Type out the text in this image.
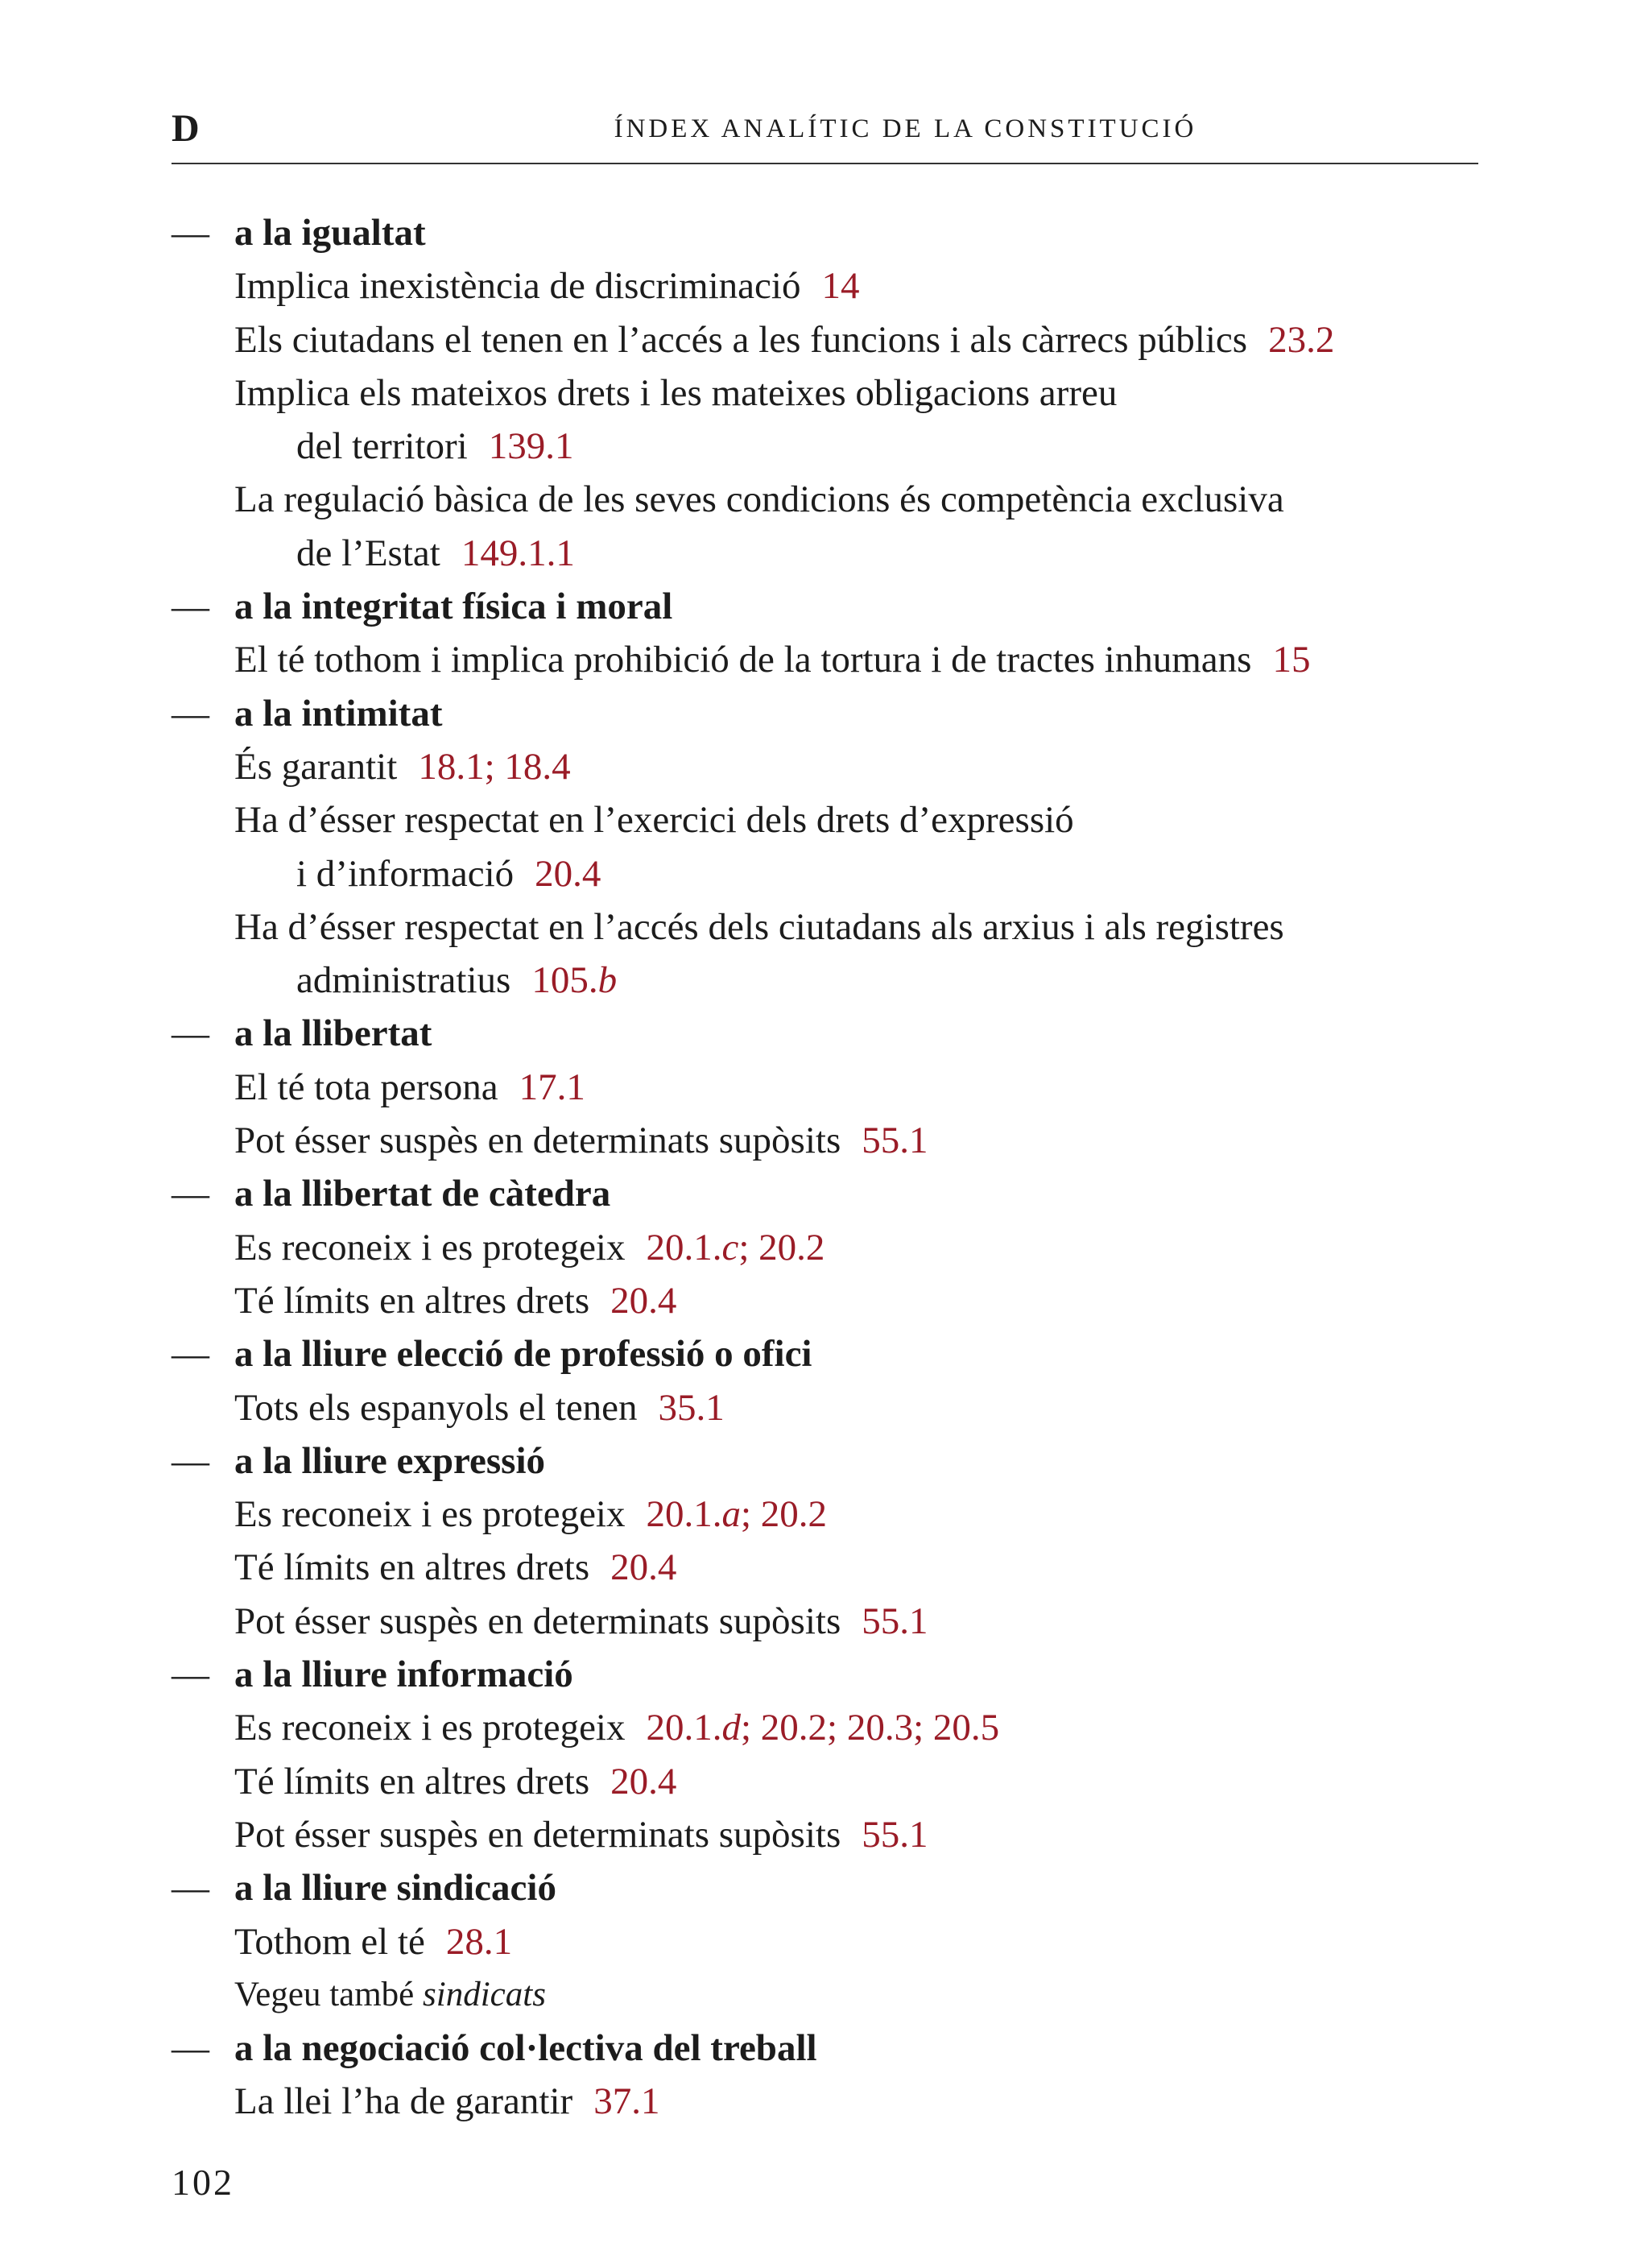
D	ÍNDEX ANALÍTIC DE LA CONSTITUCIÓ
— a la igualtat
Implica inexistència de discriminació 14
Els ciutadans el tenen en l’accés a les funcions i als càrrecs públics 23.2
Implica els mateixos drets i les mateixes obligacions arreu
del territori 139.1
La regulació bàsica de les seves condicions és competència exclusiva
de l’Estat 149.1.1
— a la integritat física i moral
El té tothom i implica prohibició de la tortura i de tractes inhumans 15
— a la intimitat
És garantit 18.1; 18.4
Ha d’ésser respectat en l’exercici dels drets d’expressió
i d’informació 20.4
Ha d’ésser respectat en l’accés dels ciutadans als arxius i als registres
administratius 105.b
— a la llibertat
El té tota persona 17.1
Pot ésser suspès en determinats supòsits 55.1
— a la llibertat de càtedra
Es reconeix i es protegeix 20.1.c; 20.2
Té límits en altres drets 20.4
— a la lliure elecció de professió o ofici
Tots els espanyols el tenen 35.1
— a la lliure expressió
Es reconeix i es protegeix 20.1.a; 20.2
Té límits en altres drets 20.4
Pot ésser suspès en determinats supòsits 55.1
— a la lliure informació
Es reconeix i es protegeix 20.1.d; 20.2; 20.3; 20.5
Té límits en altres drets 20.4
Pot ésser suspès en determinats supòsits 55.1
— a la lliure sindicació
Tothom el té 28.1
Vegeu també sindicats
— a la negociació col·lectiva del treball
La llei l’ha de garantir 37.1
102
